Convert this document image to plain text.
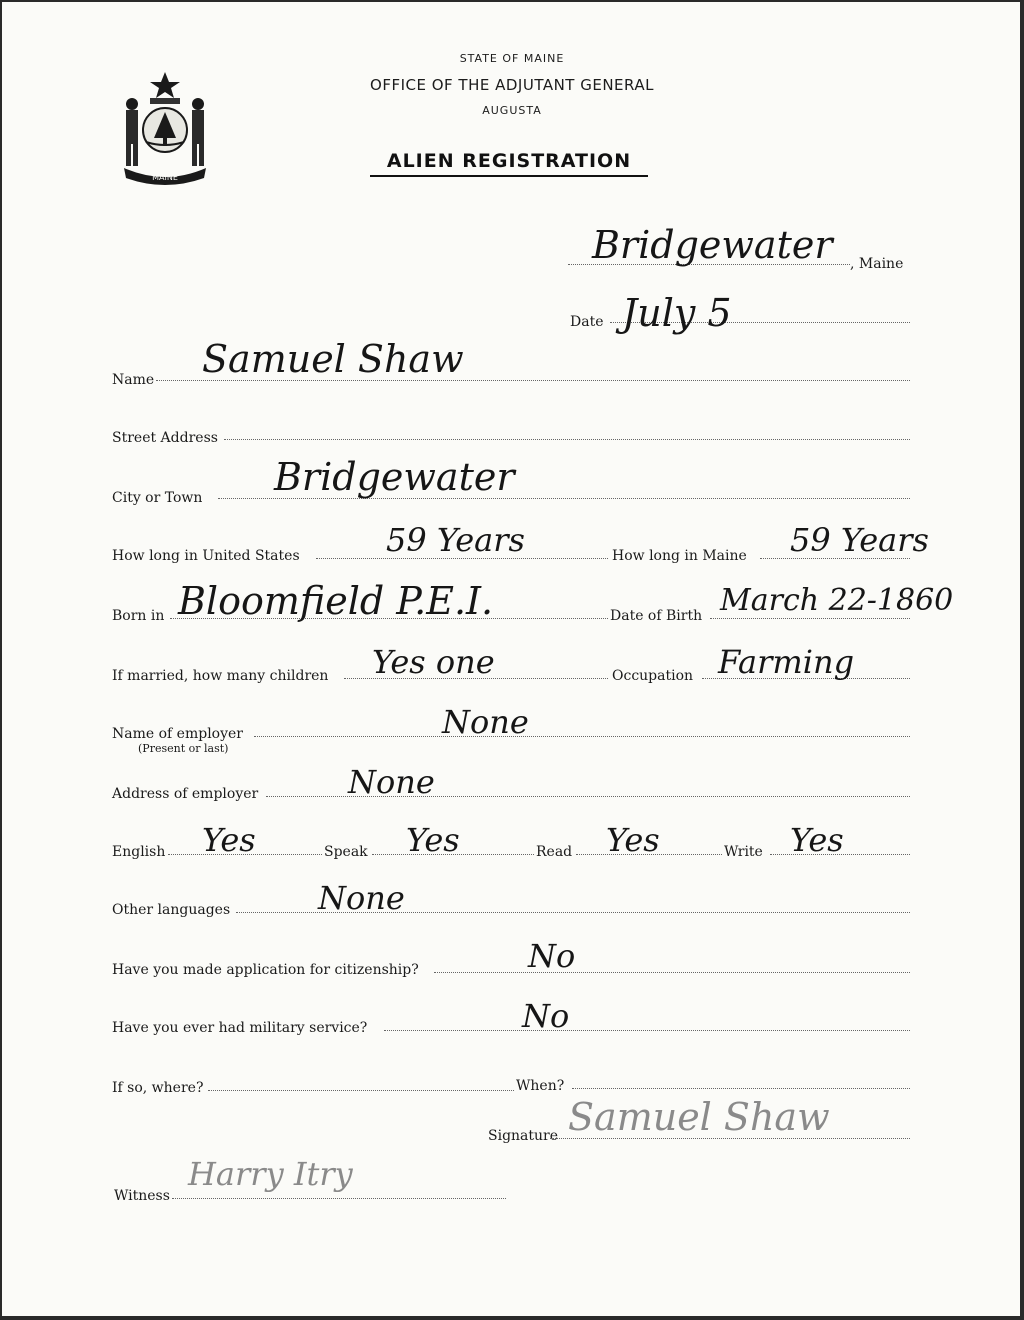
MAINE
STATE OF MAINE
OFFICE OF THE ADJUTANT GENERAL
AUGUSTA
ALIEN REGISTRATION
Bridgewater , Maine
Date July 5
Name Samuel Shaw
Street Address
City or Town Bridgewater
How long in United States	59 Years	How long in Maine 59 Years
Born in Bloomfield P.E.I.	Date of Birth March 22-1860
If married, how many children Yes one	Occupation Farming
Name of employer
(Present or last)
None
Address of employer	None
English Yes	Speak Yes	Read Yes	Write Yes
Other languages	None
Have you made application for citizenship?	No
Have you ever had military service?	No
If so, where?	When?
Signature Samuel Shaw
Witness
Harry Itry
